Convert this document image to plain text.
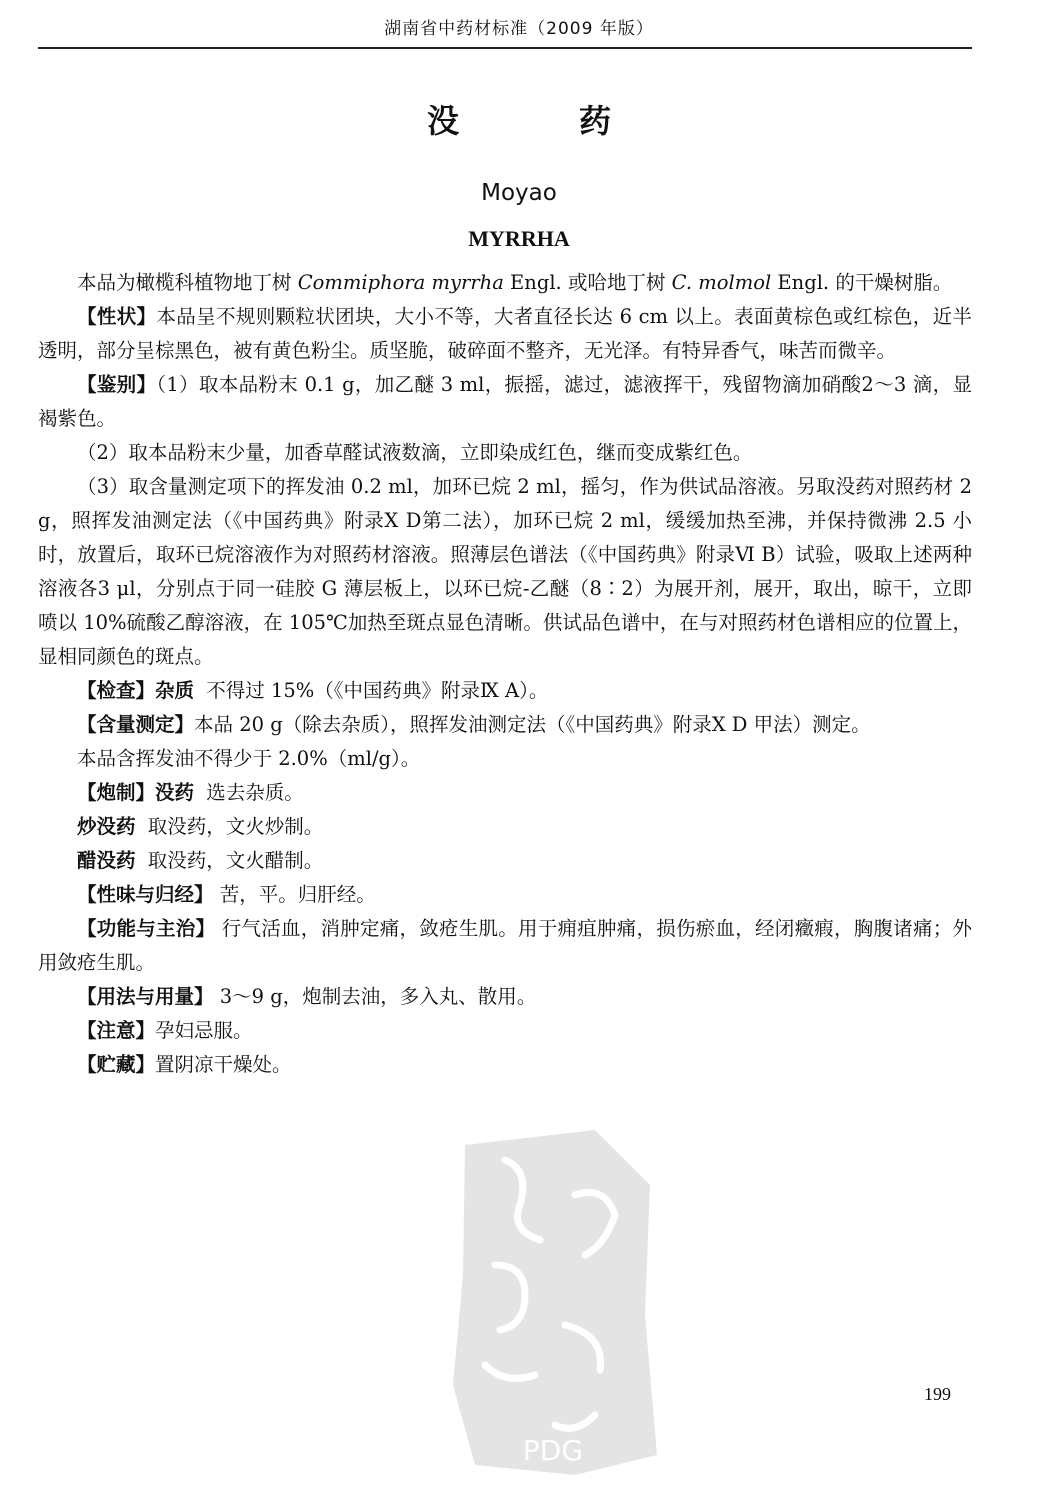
湖南省中药材标准（2009 年版）
没　药
Moyao
MYRRHA

本品为橄榄科植物地丁树 Commiphora myrrha Engl. 或哈地丁树 C. molmol Engl. 的干燥树脂。

【性状】本品呈不规则颗粒状团块，大小不等，大者直径长达 6 cm 以上。表面黄棕色或红棕色，近半透明，部分呈棕黑色，被有黄色粉尘。质坚脆，破碎面不整齐，无光泽。有特异香气，味苦而微辛。

【鉴别】（1）取本品粉末 0.1 g，加乙醚 3 ml，振摇，滤过，滤液挥干，残留物滴加硝酸2～3 滴，显褐紫色。

（2）取本品粉末少量，加香草醛试液数滴，立即染成红色，继而变成紫红色。

（3）取含量测定项下的挥发油 0.2 ml，加环已烷 2 ml，摇匀，作为供试品溶液。另取没药对照药材 2 g，照挥发油测定法（《中国药典》附录Ⅹ D第二法），加环已烷 2 ml，缓缓加热至沸，并保持微沸 2.5 小时，放置后，取环已烷溶液作为对照药材溶液。照薄层色谱法（《中国药典》附录Ⅵ B）试验，吸取上述两种溶液各3 μl，分别点于同一硅胶 G 薄层板上，以环已烷-乙醚（8∶2）为展开剂，展开，取出，晾干，立即喷以 10%硫酸乙醇溶液，在 105℃加热至斑点显色清晰。供试品色谱中，在与对照药材色谱相应的位置上，显相同颜色的斑点。

【检查】杂质 不得过 15%（《中国药典》附录Ⅸ A）。

【含量测定】本品 20 g（除去杂质），照挥发油测定法（《中国药典》附录Ⅹ D 甲法）测定。

本品含挥发油不得少于 2.0%（ml/g）。

【炮制】没药 选去杂质。

炒没药 取没药，文火炒制。

醋没药 取没药，文火醋制。

【性味与归经】 苦，平。归肝经。

【功能与主治】 行气活血，消肿定痛，敛疮生肌。用于痈疽肿痛，损伤瘀血，经闭癥瘕，胸腹诸痛；外用敛疮生肌。

【用法与用量】 3～9 g，炮制去油，多入丸、散用。

【注意】孕妇忌服。

【贮藏】置阴凉干燥处。

PDG
199
